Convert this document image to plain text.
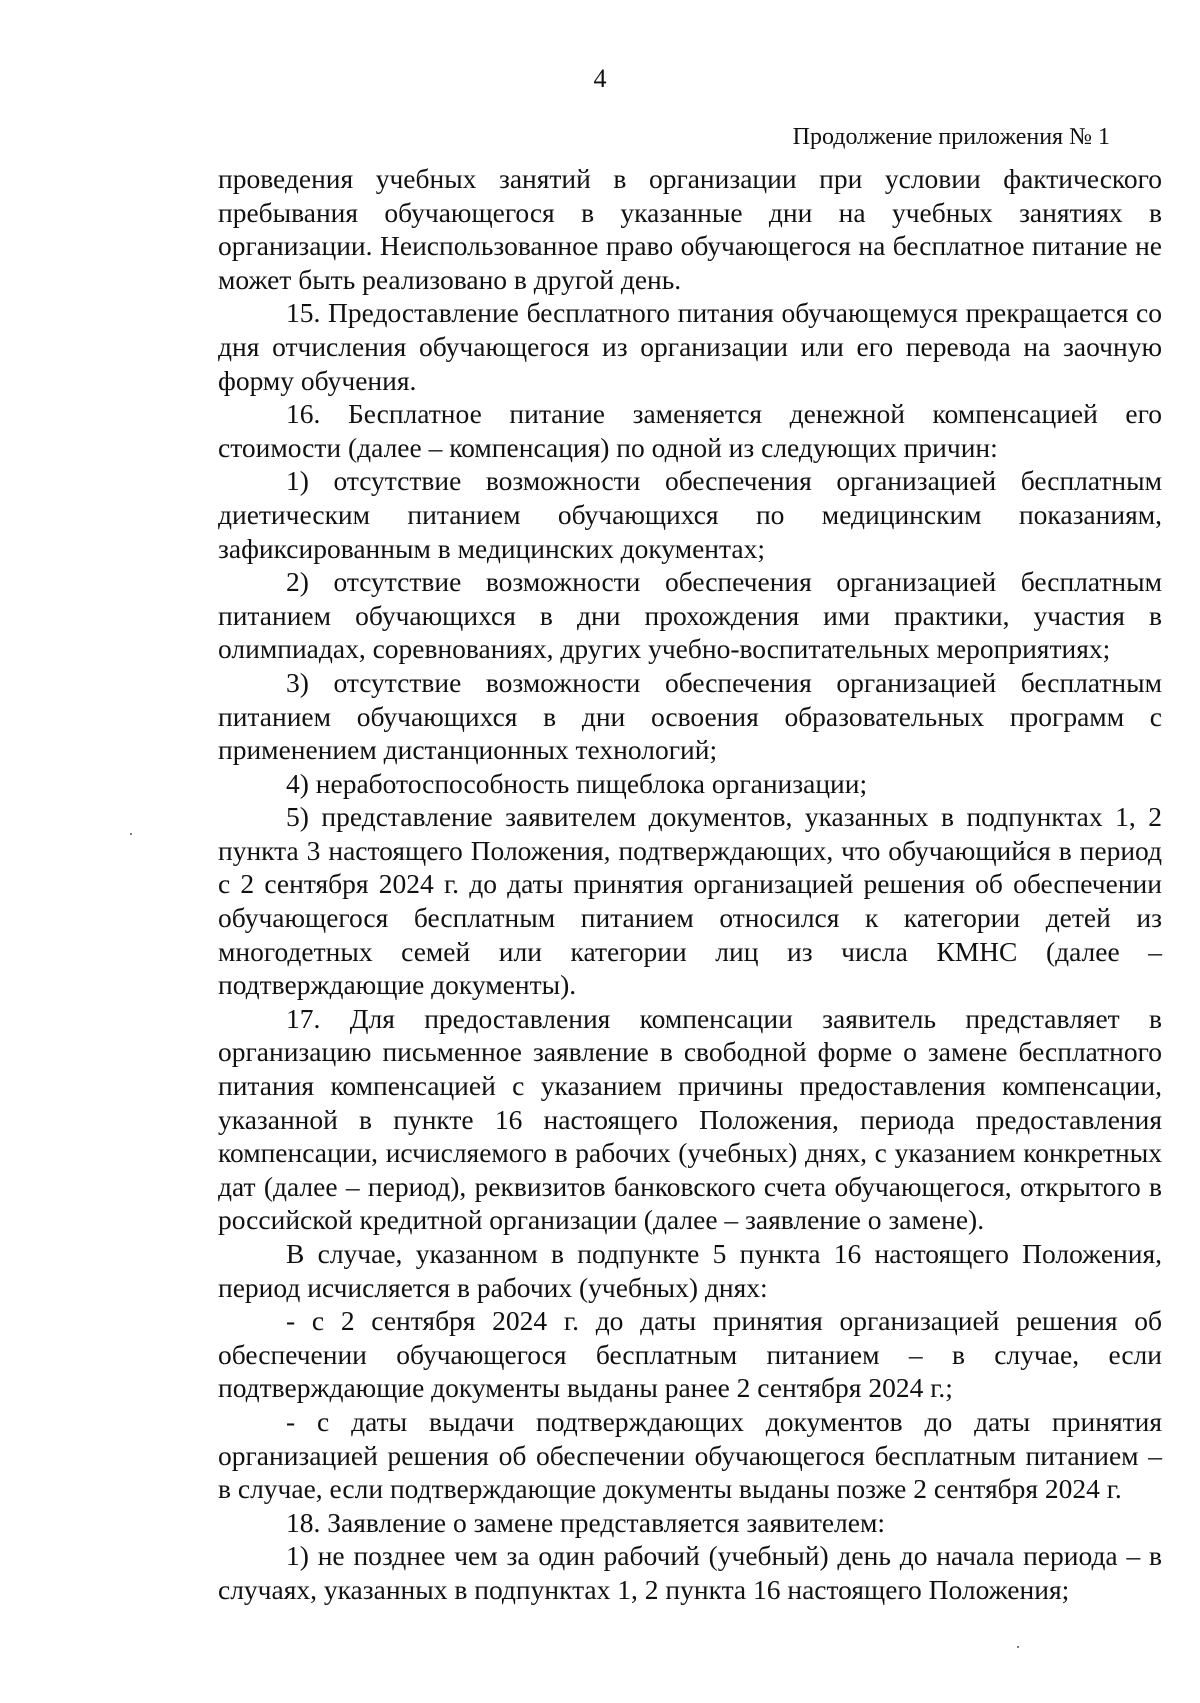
4
Продолжение приложения № 1

проведения учебных занятий в организации при условии фактического пребывания обучающегося в указанные дни на учебных занятиях в организации. Неиспользованное право обучающегося на бесплатное питание не может быть реализовано в другой день.

15. Предоставление бесплатного питания обучающемуся прекращается со дня отчисления обучающегося из организации или его перевода на заочную форму обучения.

16. Бесплатное питание заменяется денежной компенсацией его стоимости (далее – компенсация) по одной из следующих причин:

1) отсутствие возможности обеспечения организацией бесплатным диетическим питанием обучающихся по медицинским показаниям, зафиксированным в медицинских документах;

2) отсутствие возможности обеспечения организацией бесплатным питанием обучающихся в дни прохождения ими практики, участия в олимпиадах, соревнованиях, других учебно-воспитательных мероприятиях;

3) отсутствие возможности обеспечения организацией бесплатным питанием обучающихся в дни освоения образовательных программ с применением дистанционных технологий;

4) неработоспособность пищеблока организации;

5) представление заявителем документов, указанных в подпунктах 1, 2 пункта 3 настоящего Положения, подтверждающих, что обучающийся в период с 2 сентября 2024 г. до даты принятия организацией решения об обеспечении обучающегося бесплатным питанием относился к категории детей из многодетных семей или категории лиц из числа КМНС (далее – подтверждающие документы).

17. Для предоставления компенсации заявитель представляет в организацию письменное заявление в свободной форме о замене бесплатного питания компенсацией с указанием причины предоставления компенсации, указанной в пункте 16 настоящего Положения, периода предоставления компенсации, исчисляемого в рабочих (учебных) днях, с указанием конкретных дат (далее – период), реквизитов банковского счета обучающегося, открытого в российской кредитной организации (далее – заявление о замене).

В случае, указанном в подпункте 5 пункта 16 настоящего Положения, период исчисляется в рабочих (учебных) днях:

- с 2 сентября 2024 г. до даты принятия организацией решения об обеспечении обучающегося бесплатным питанием – в случае, если подтверждающие документы выданы ранее 2 сентября 2024 г.;

- с даты выдачи подтверждающих документов до даты принятия организацией решения об обеспечении обучающегося бесплатным питанием – в случае, если подтверждающие документы выданы позже 2 сентября 2024 г.

18. Заявление о замене представляется заявителем:

1) не позднее чем за один рабочий (учебный) день до начала периода – в случаях, указанных в подпунктах 1, 2 пункта 16 настоящего Положения;
